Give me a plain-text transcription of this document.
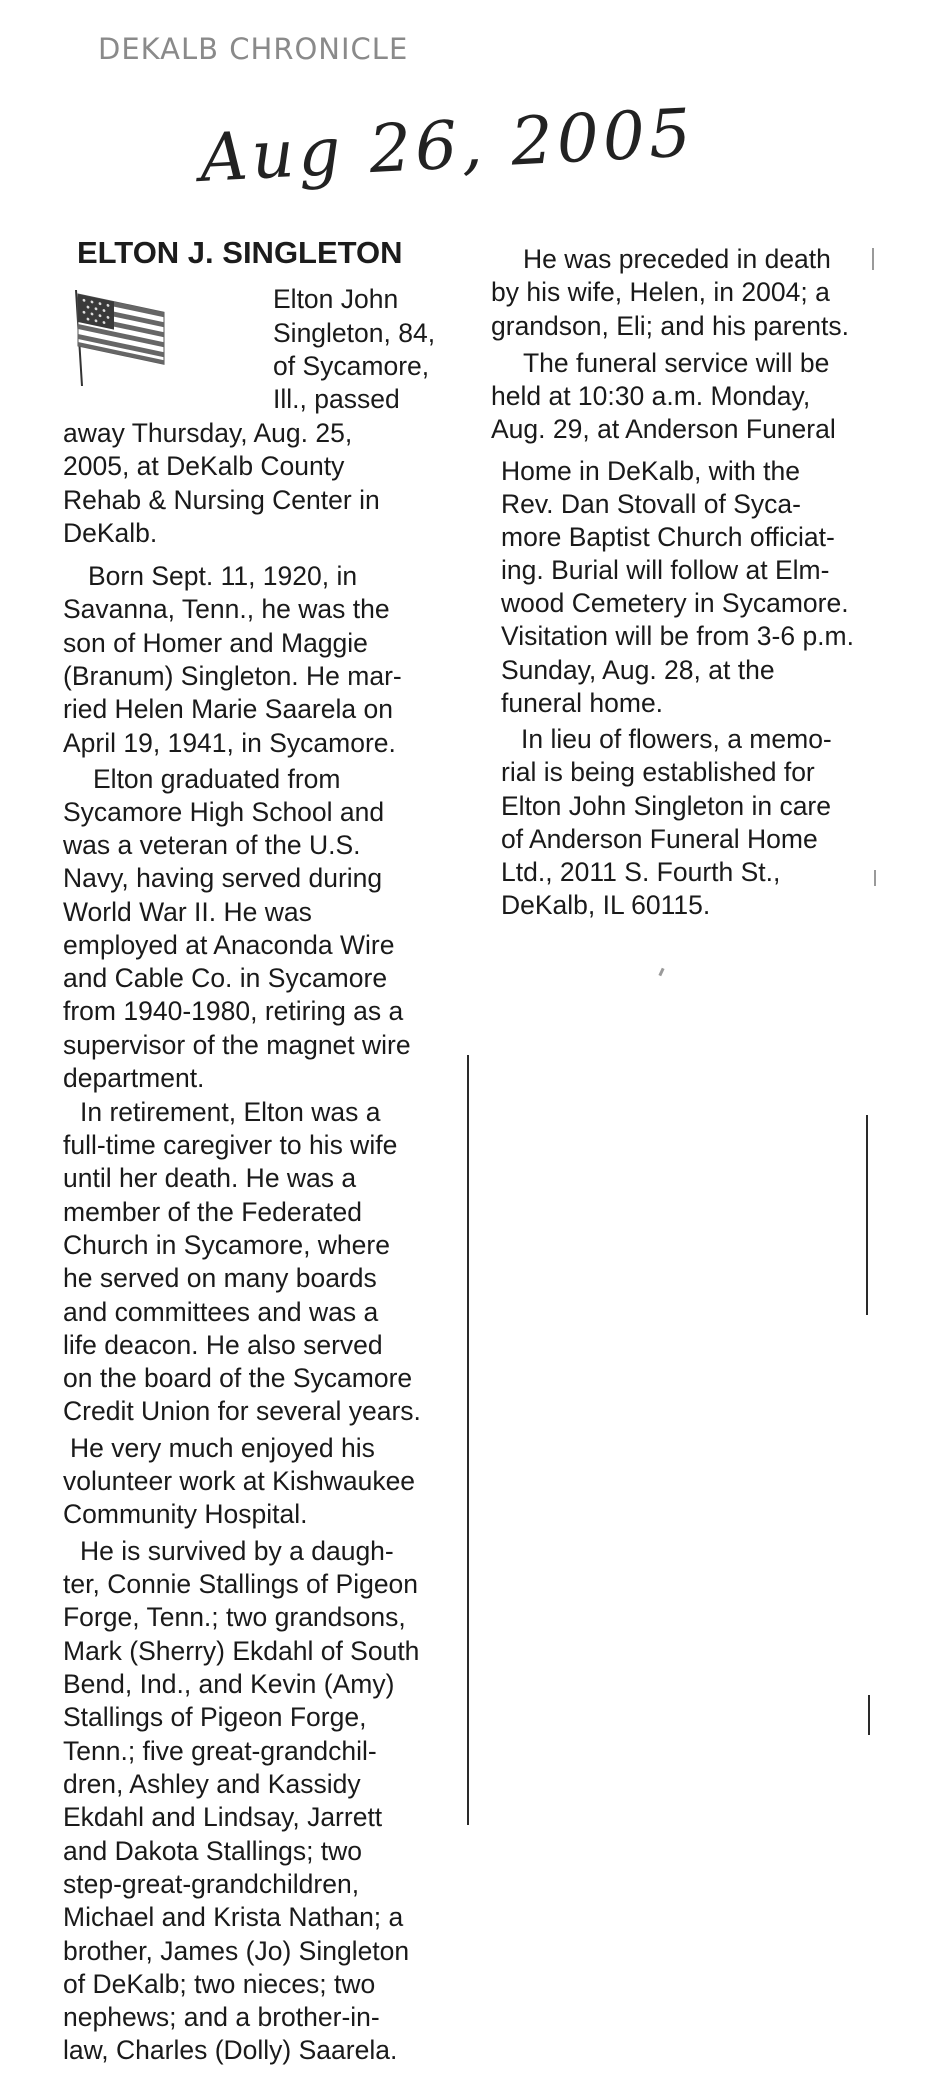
DEKALB CHRONICLE
Aug 26, 2005
ELTON J. SINGLETON
Elton John
Singleton, 84,
of Sycamore,
Ill., passed
away Thursday, Aug. 25,
2005, at DeKalb County
Rehab & Nursing Center in
DeKalb.
Born Sept. 11, 1920, in
Savanna, Tenn., he was the
son of Homer and Maggie
(Branum) Singleton. He mar-
ried Helen Marie Saarela on
April 19, 1941, in Sycamore.
Elton graduated from
Sycamore High School and
was a veteran of the U.S.
Navy, having served during
World War II. He was
employed at Anaconda Wire
and Cable Co. in Sycamore
from 1940-1980, retiring as a
supervisor of the magnet wire
department.
In retirement, Elton was a
full-time caregiver to his wife
until her death. He was a
member of the Federated
Church in Sycamore, where
he served on many boards
and committees and was a
life deacon. He also served
on the board of the Sycamore
Credit Union for several years.
He very much enjoyed his
volunteer work at Kishwaukee
Community Hospital.
He is survived by a daugh-
ter, Connie Stallings of Pigeon
Forge, Tenn.; two grandsons,
Mark (Sherry) Ekdahl of South
Bend, Ind., and Kevin (Amy)
Stallings of Pigeon Forge,
Tenn.; five great-grandchil-
dren, Ashley and Kassidy
Ekdahl and Lindsay, Jarrett
and Dakota Stallings; two
step-great-grandchildren,
Michael and Krista Nathan; a
brother, James (Jo) Singleton
of DeKalb; two nieces; two
nephews; and a brother-in-
law, Charles (Dolly) Saarela.
He was preceded in death
by his wife, Helen, in 2004; a
grandson, Eli; and his parents.
The funeral service will be
held at 10:30 a.m. Monday,
Aug. 29, at Anderson Funeral
Home in DeKalb, with the
Rev. Dan Stovall of Syca-
more Baptist Church officiat-
ing. Burial will follow at Elm-
wood Cemetery in Sycamore.
Visitation will be from 3-6 p.m.
Sunday, Aug. 28, at the
funeral home.
In lieu of flowers, a memo-
rial is being established for
Elton John Singleton in care
of Anderson Funeral Home
Ltd., 2011 S. Fourth St.,
DeKalb, IL 60115.
